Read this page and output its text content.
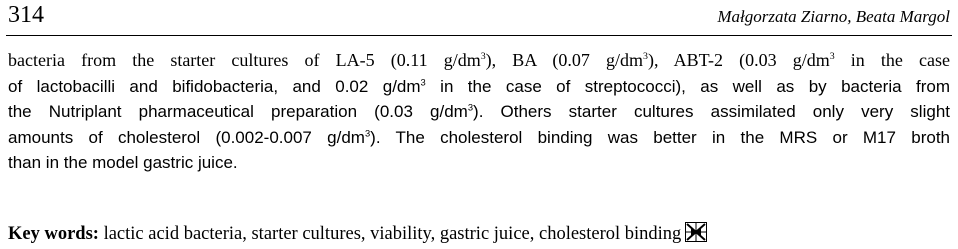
314	Małgorzata Ziarno, Beata Margol
bacteria from the starter cultures of LA-5 (0.11 $g/dm^3$), BA (0.07 $g/dm^3$), ABT-2 (0.03 $g/dm^3$ in the case
of lactobacilli and bifidobacteria, and 0.02 $g/dm^3$ in the case of streptococci), as well as by bacteria from
the Nutriplant pharmaceutical preparation (0.03 $g/dm^3$). Others starter cultures assimilated only very slight
amounts of cholesterol (0.002-0.007 $g/dm^3$). The cholesterol binding was better in the MRS or M17 broth
than in the model gastric juice.
Key words: lactic acid bacteria, starter cultures, viability, gastric juice, cholesterol binding
